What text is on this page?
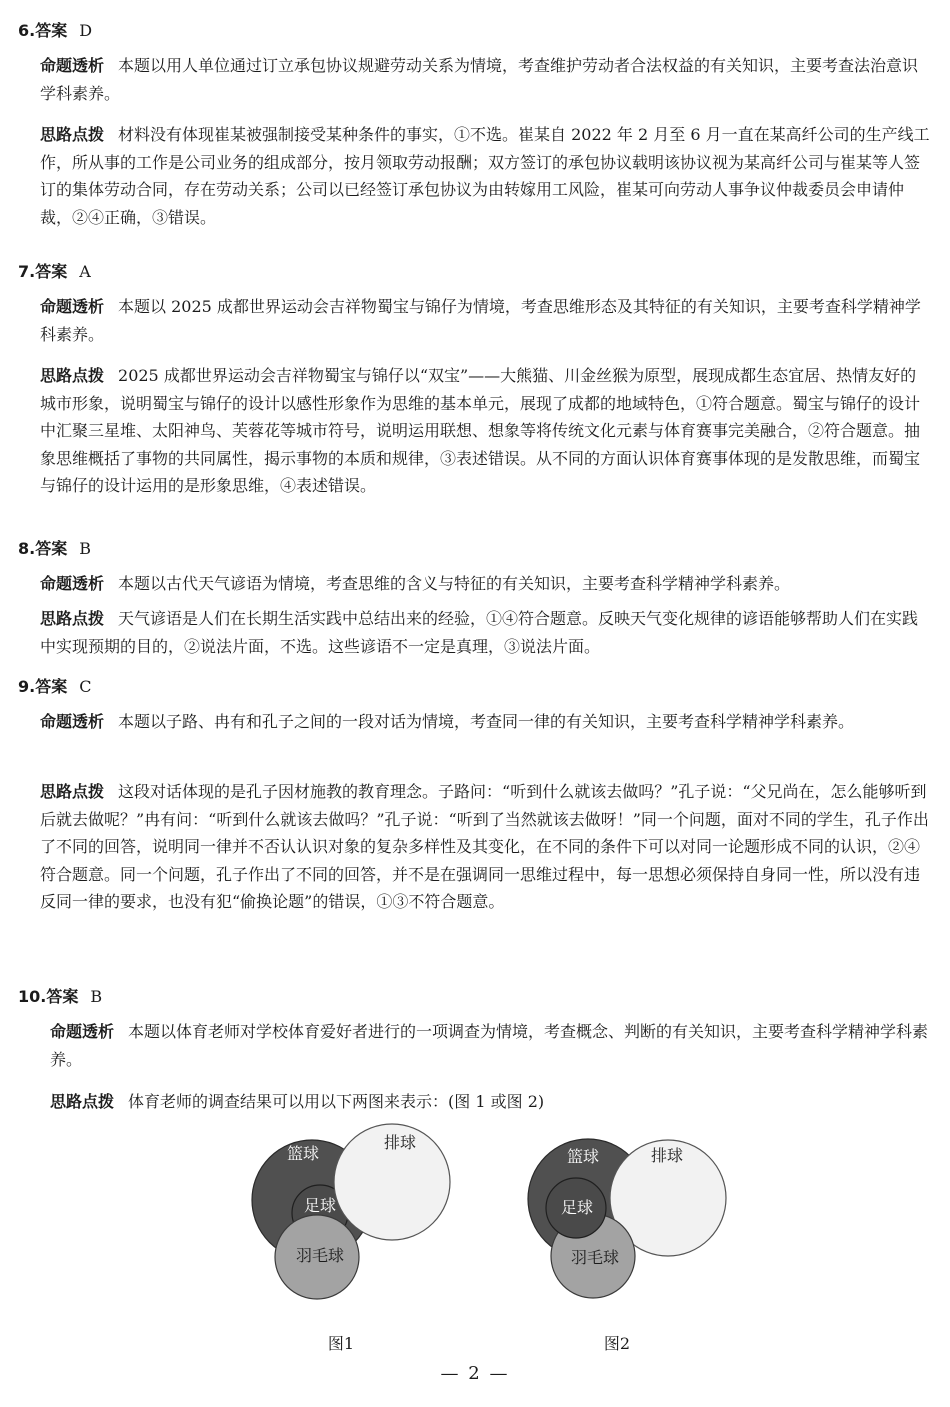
6.答案 D
命题透析 本题以用人单位通过订立承包协议规避劳动关系为情境，考查维护劳动者合法权益的有关知识，主要考查法治意识学科素养。
思路点拨 材料没有体现崔某被强制接受某种条件的事实，①不选。崔某自 2022 年 2 月至 6 月一直在某高纤公司的生产线工作，所从事的工作是公司业务的组成部分，按月领取劳动报酬；双方签订的承包协议载明该协议视为某高纤公司与崔某等人签订的集体劳动合同，存在劳动关系；公司以已经签订承包协议为由转嫁用工风险，崔某可向劳动人事争议仲裁委员会申请仲裁，②④正确，③错误。
7.答案 A
命题透析 本题以 2025 成都世界运动会吉祥物蜀宝与锦仔为情境，考查思维形态及其特征的有关知识，主要考查科学精神学科素养。
思路点拨 2025 成都世界运动会吉祥物蜀宝与锦仔以“双宝”——大熊猫、川金丝猴为原型，展现成都生态宜居、热情友好的城市形象，说明蜀宝与锦仔的设计以感性形象作为思维的基本单元，展现了成都的地域特色，①符合题意。蜀宝与锦仔的设计中汇聚三星堆、太阳神鸟、芙蓉花等城市符号，说明运用联想、想象等将传统文化元素与体育赛事完美融合，②符合题意。抽象思维概括了事物的共同属性，揭示事物的本质和规律，③表述错误。从不同的方面认识体育赛事体现的是发散思维，而蜀宝与锦仔的设计运用的是形象思维，④表述错误。
8.答案 B
命题透析 本题以古代天气谚语为情境，考查思维的含义与特征的有关知识，主要考查科学精神学科素养。
思路点拨 天气谚语是人们在长期生活实践中总结出来的经验，①④符合题意。反映天气变化规律的谚语能够帮助人们在实践中实现预期的目的，②说法片面，不选。这些谚语不一定是真理，③说法片面。
9.答案 C
命题透析 本题以子路、冉有和孔子之间的一段对话为情境，考查同一律的有关知识，主要考查科学精神学科素养。
思路点拨 这段对话体现的是孔子因材施教的教育理念。子路问：“听到什么就该去做吗？”孔子说：“父兄尚在，怎么能够听到后就去做呢？”冉有问：“听到什么就该去做吗？”孔子说：“听到了当然就该去做呀！”同一个问题，面对不同的学生，孔子作出了不同的回答，说明同一律并不否认认识对象的复杂多样性及其变化，在不同的条件下可以对同一论题形成不同的认识，②④符合题意。同一个问题，孔子作出了不同的回答，并不是在强调同一思维过程中，每一思想必须保持自身同一性，所以没有违反同一律的要求，也没有犯“偷换论题”的错误，①③不符合题意。
10.答案 B
命题透析 本题以体育老师对学校体育爱好者进行的一项调查为情境，考查概念、判断的有关知识，主要考查科学精神学科素养。
思路点拨 体育老师的调查结果可以用以下两图来表示：(图 1 或图 2)
篮球
排球
足球
羽毛球
图1
篮球	排球
足球
羽毛球
图2
— 2 —
